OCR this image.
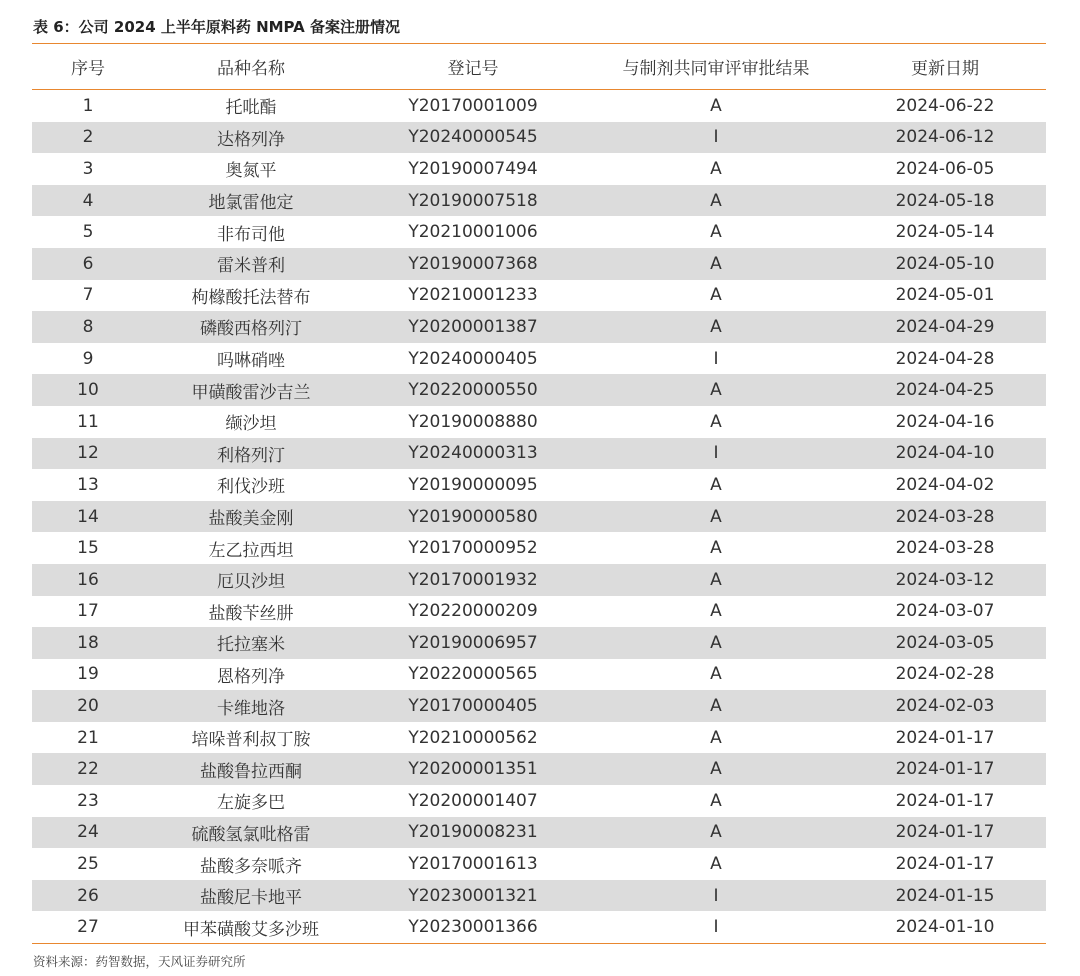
表 6：公司 2024 上半年原料药 NMPA 备案注册情况
序号	品种名称	登记号	与制剂共同审评审批结果	更新日期
1	托吡酯	Y20170001009	A	2024-06-22
2	达格列净	Y20240000545	I	2024-06-12
3	奥氮平	Y20190007494	A	2024-06-05
4	地氯雷他定	Y20190007518	A	2024-05-18
5	非布司他	Y20210001006	A	2024-05-14
6	雷米普利	Y20190007368	A	2024-05-10
7	枸橼酸托法替布	Y20210001233	A	2024-05-01
8	磷酸西格列汀	Y20200001387	A	2024-04-29
9	吗啉硝唑	Y20240000405	I	2024-04-28
10	甲磺酸雷沙吉兰	Y20220000550	A	2024-04-25
11	缬沙坦	Y20190008880	A	2024-04-16
12	利格列汀	Y20240000313	I	2024-04-10
13	利伐沙班	Y20190000095	A	2024-04-02
14	盐酸美金刚	Y20190000580	A	2024-03-28
15	左乙拉西坦	Y20170000952	A	2024-03-28
16	厄贝沙坦	Y20170001932	A	2024-03-12
17	盐酸苄丝肼	Y20220000209	A	2024-03-07
18	托拉塞米	Y20190006957	A	2024-03-05
19	恩格列净	Y20220000565	A	2024-02-28
20	卡维地洛	Y20170000405	A	2024-02-03
21	培哚普利叔丁胺	Y20210000562	A	2024-01-17
22	盐酸鲁拉西酮	Y20200001351	A	2024-01-17
23	左旋多巴	Y20200001407	A	2024-01-17
24	硫酸氢氯吡格雷	Y20190008231	A	2024-01-17
25	盐酸多奈哌齐	Y20170001613	A	2024-01-17
26	盐酸尼卡地平	Y20230001321	I	2024-01-15
27	甲苯磺酸艾多沙班	Y20230001366	I	2024-01-10
资料来源：药智数据，天风证券研究所
